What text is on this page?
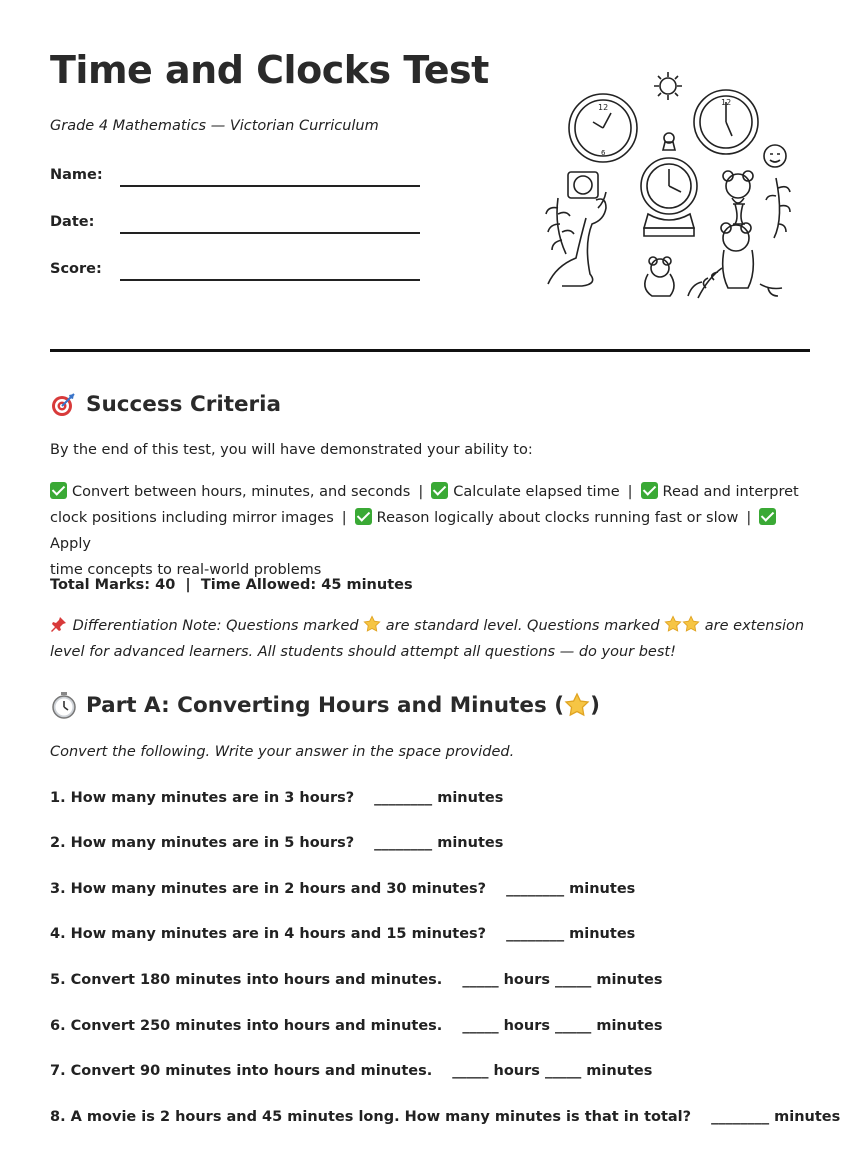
Time and Clocks Test
Grade 4 Mathematics — Victorian Curriculum
Name:
Date:
Score:
12
6
12
Success Criteria
By the end of this test, you will have demonstrated your ability to:
Convert between hours, minutes, and seconds | Calculate elapsed time | Read and interpret
clock positions including mirror images | Reason logically about clocks running fast or slow |Apply
time concepts to real-world problems
Total Marks: 40  |  Time Allowed: 45 minutes
Differentiation Note: Questions marked are standard level. Questions marked	are extension
level for advanced learners. All students should attempt all questions — do your best!
Part A: Converting Hours and Minutes ( )
Convert the following. Write your answer in the space provided.
1. How many minutes are in 3 hours? ________ minutes
2. How many minutes are in 5 hours? ________ minutes
3. How many minutes are in 2 hours and 30 minutes? ________ minutes
4. How many minutes are in 4 hours and 15 minutes? ________ minutes
5. Convert 180 minutes into hours and minutes. _____ hours _____ minutes
6. Convert 250 minutes into hours and minutes. _____ hours _____ minutes
7. Convert 90 minutes into hours and minutes. _____ hours _____ minutes
8. A movie is 2 hours and 45 minutes long. How many minutes is that in total? ________ minutes
